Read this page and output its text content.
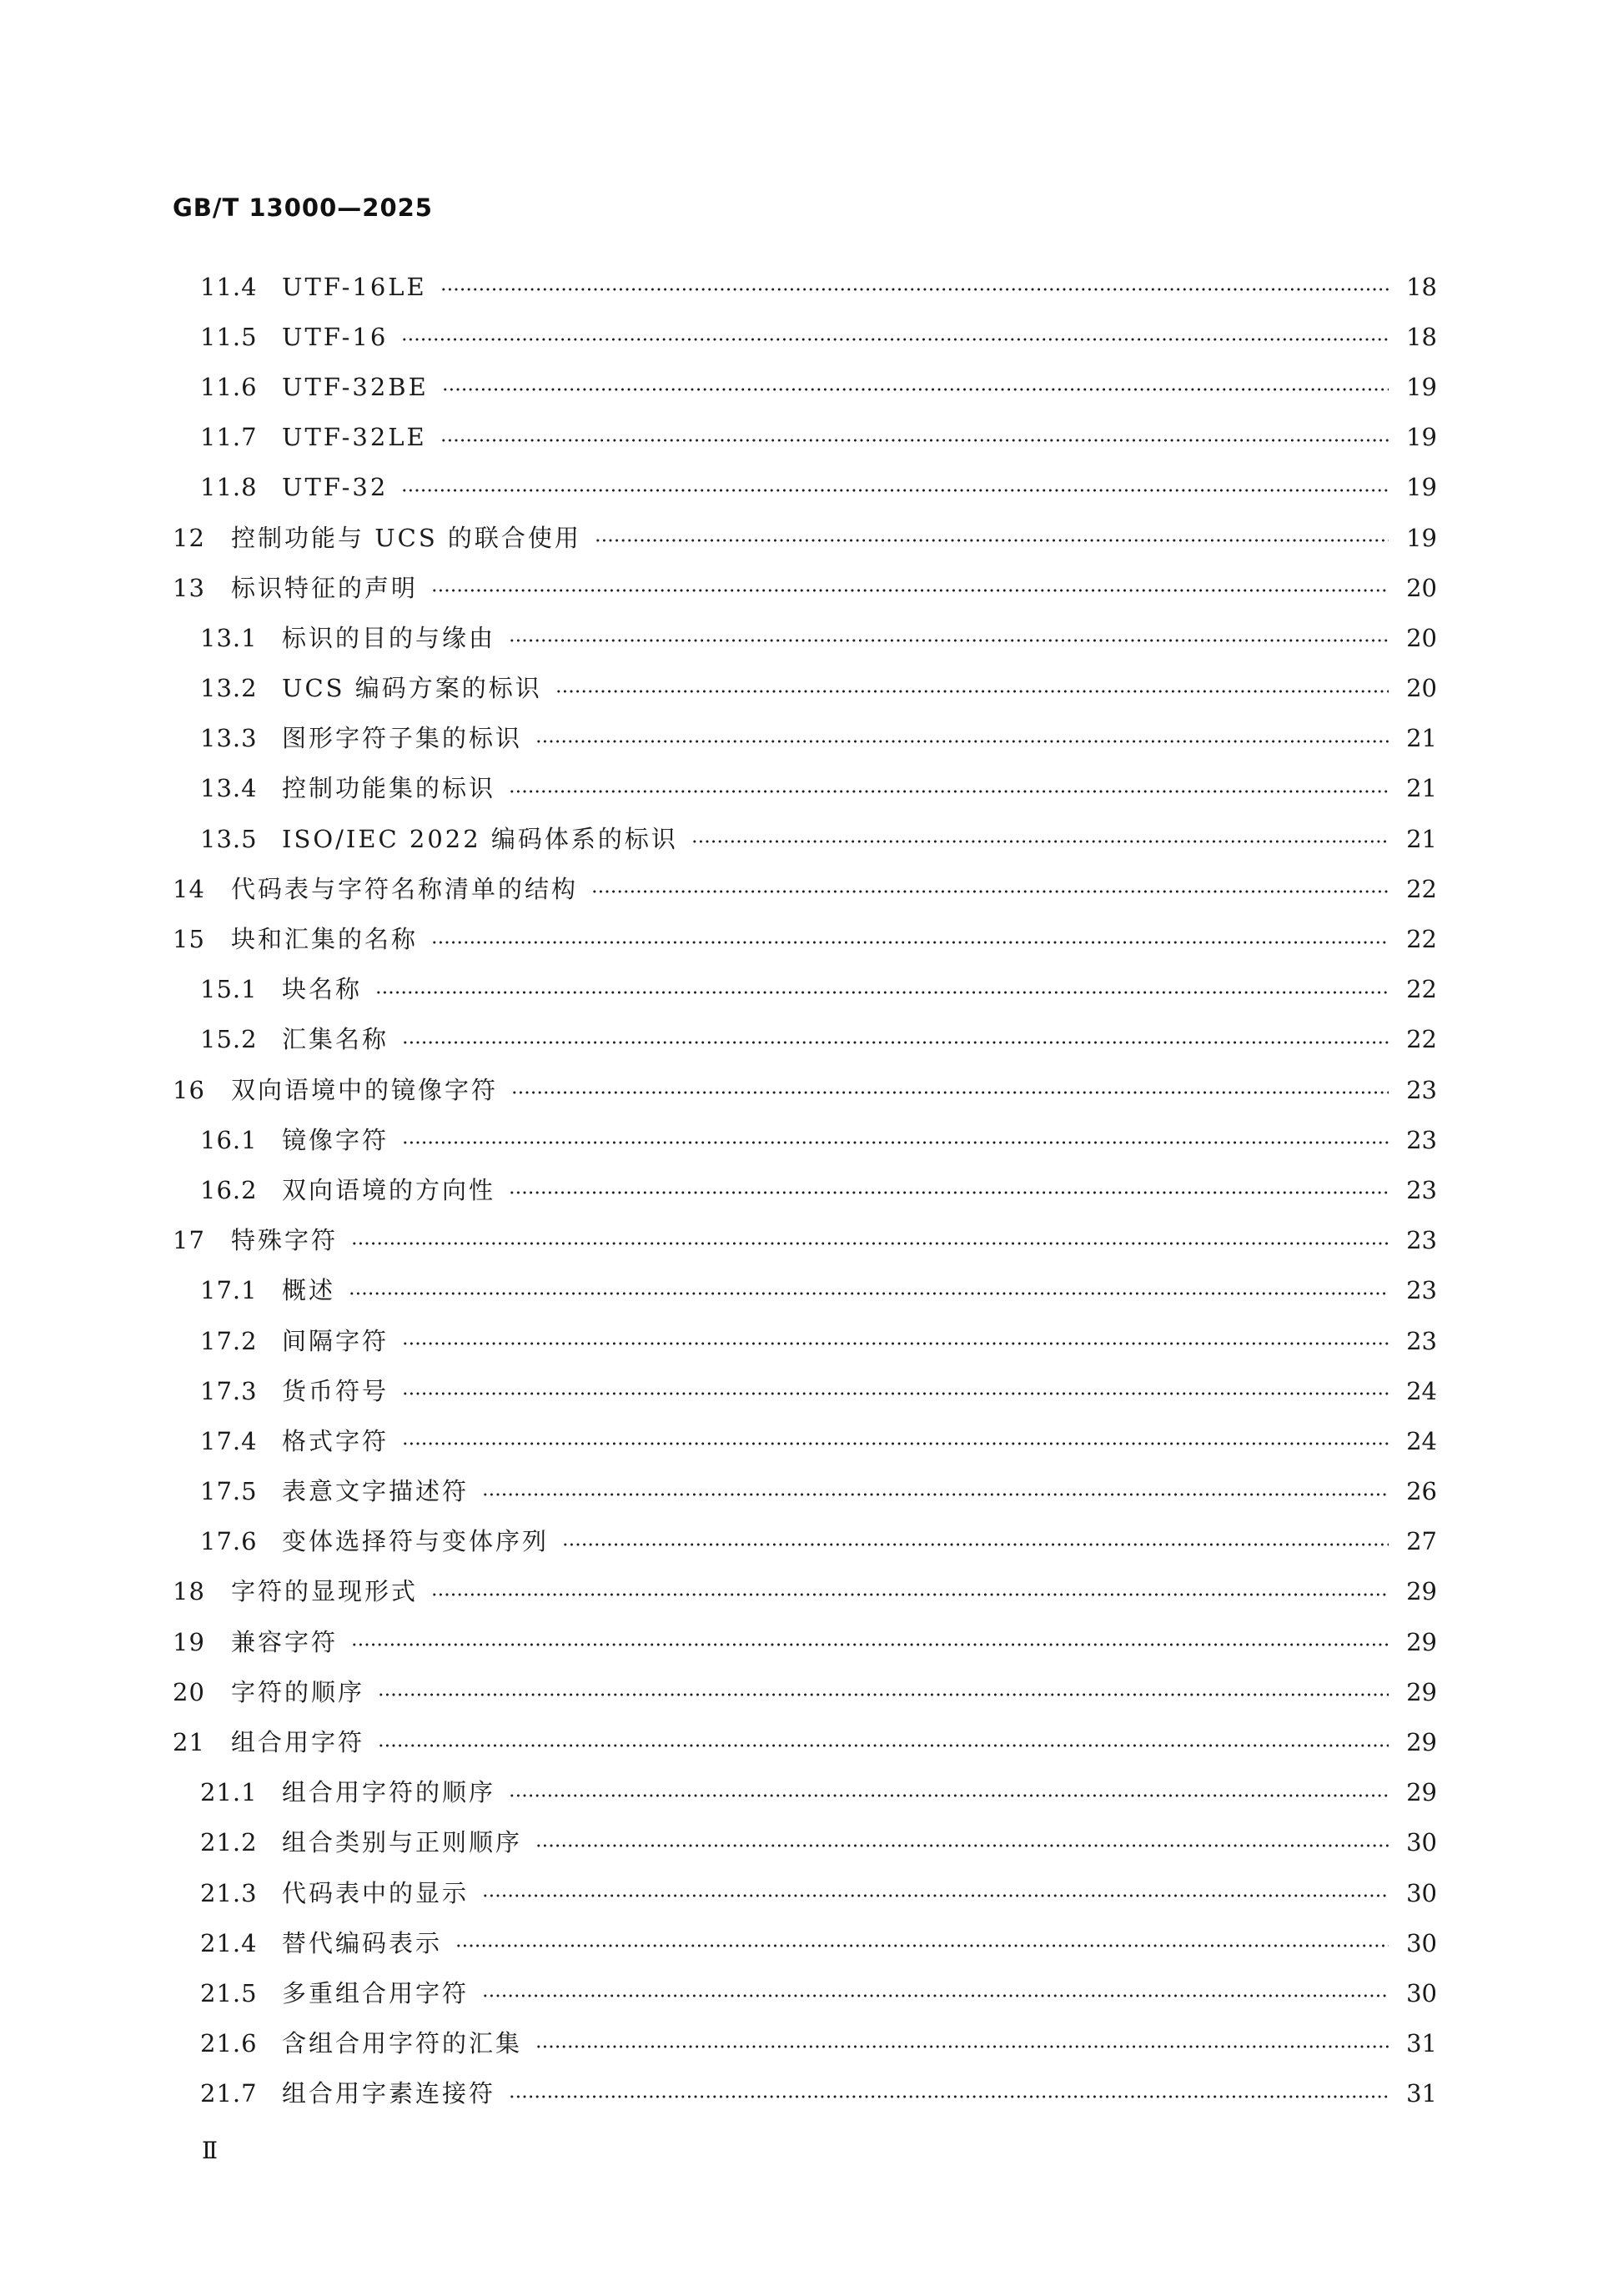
GB/T 13000—2025
11.4	UTF-16LE	18
11.5	UTF-16	18
11.6	UTF-32BE	19
11.7	UTF-32LE	19
11.8	UTF-32	19
12	控制功能与 UCS 的联合使用	19
13	标识特征的声明	20
13.1	标识的目的与缘由	20
13.2	UCS 编码方案的标识	20
13.3	图形字符子集的标识	21
13.4	控制功能集的标识	21
13.5	ISO/IEC 2022 编码体系的标识	21
14	代码表与字符名称清单的结构	22
15	块和汇集的名称	22
15.1	块名称	22
15.2	汇集名称	22
16	双向语境中的镜像字符	23
16.1	镜像字符	23
16.2	双向语境的方向性	23
17	特殊字符	23
17.1	概述	23
17.2	间隔字符	23
17.3	货币符号	24
17.4	格式字符	24
17.5	表意文字描述符	26
17.6	变体选择符与变体序列	27
18	字符的显现形式	29
19	兼容字符	29
20	字符的顺序	29
21	组合用字符	29
21.1	组合用字符的顺序	29
21.2	组合类别与正则顺序	30
21.3	代码表中的显示	30
21.4	替代编码表示	30
21.5	多重组合用字符	30
21.6	含组合用字符的汇集	31
21.7	组合用字素连接符	31
Ⅱ
